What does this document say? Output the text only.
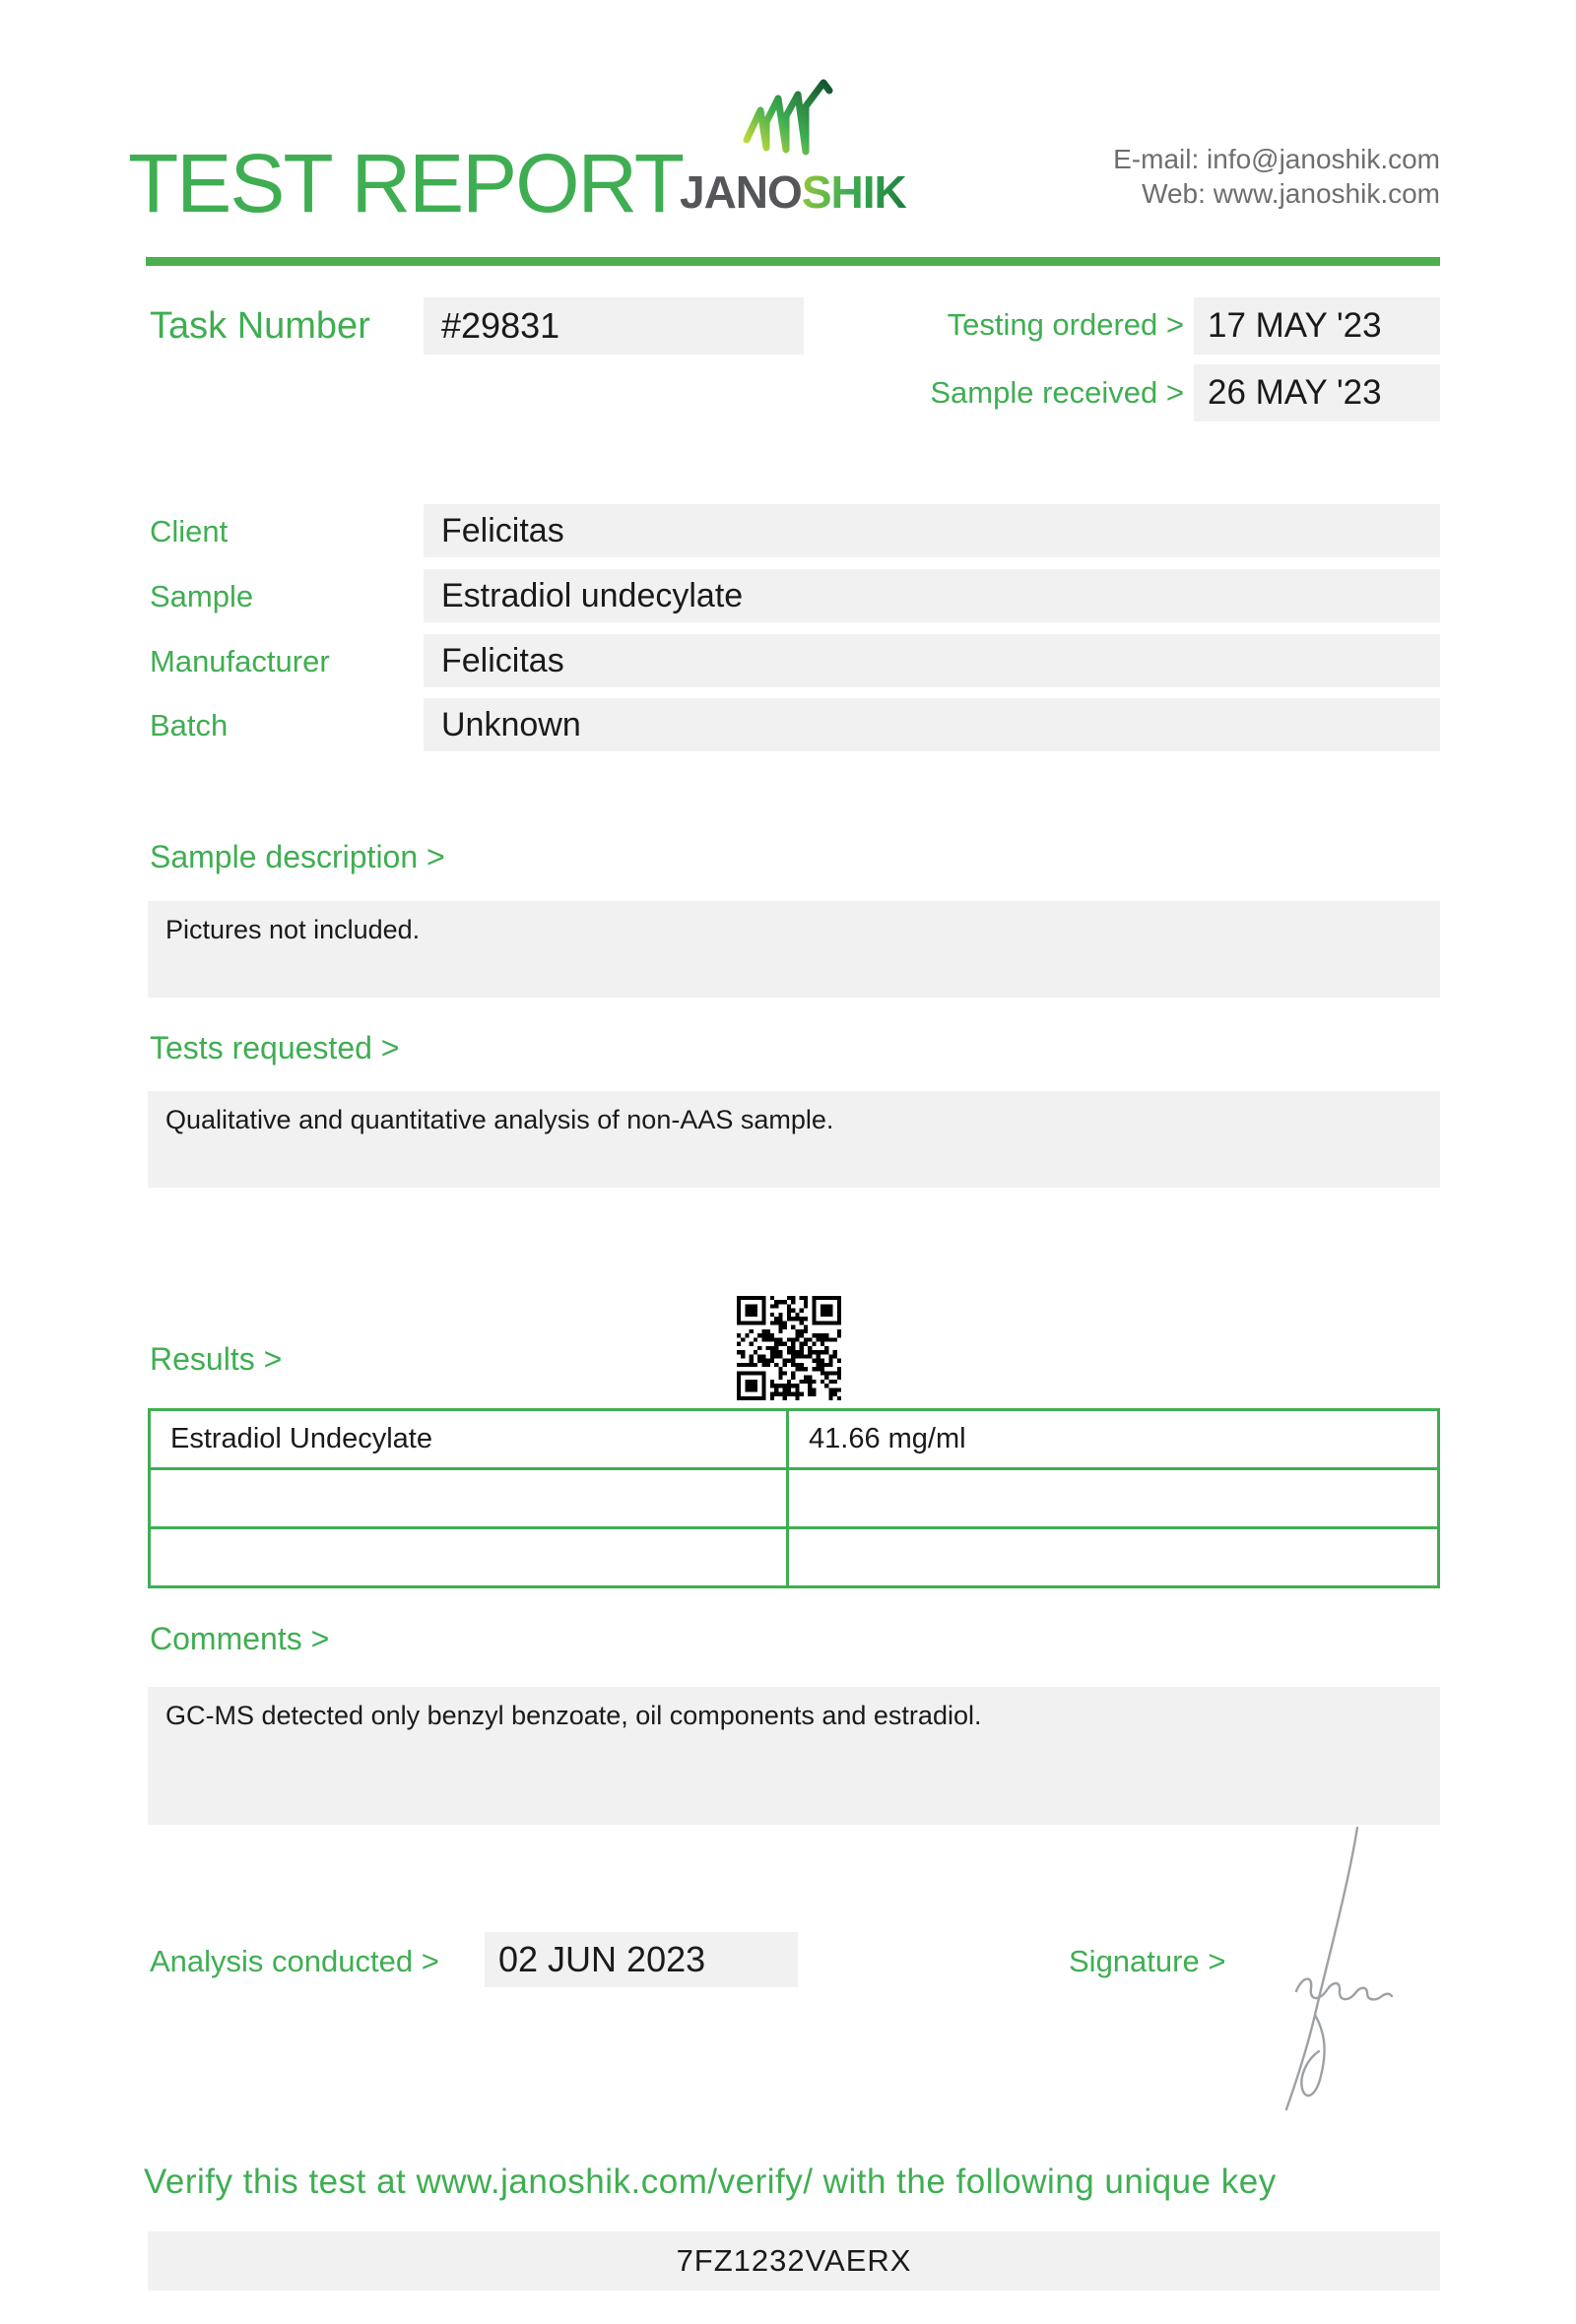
TEST REPORT
JANOSHIK
E-mail: info@janoshik.com
Web: www.janoshik.com
Task Number	#29831	Testing ordered > 17 MAY '23
Sample received > 26 MAY '23
Client	Felicitas
Sample	Estradiol undecylate
Manufacturer	Felicitas
Batch	Unknown
Sample description >
Pictures not included.
Tests requested >
Qualitative and quantitative analysis of non-AAS sample.
Results >
Estradiol Undecylate	41.66 mg/ml

Comments >
GC-MS detected only benzyl benzoate, oil components and estradiol.
Analysis conducted >	02 JUN 2023	Signature >
Verify this test at www.janoshik.com/verify/ with the following unique key
7FZ1232VAERX
